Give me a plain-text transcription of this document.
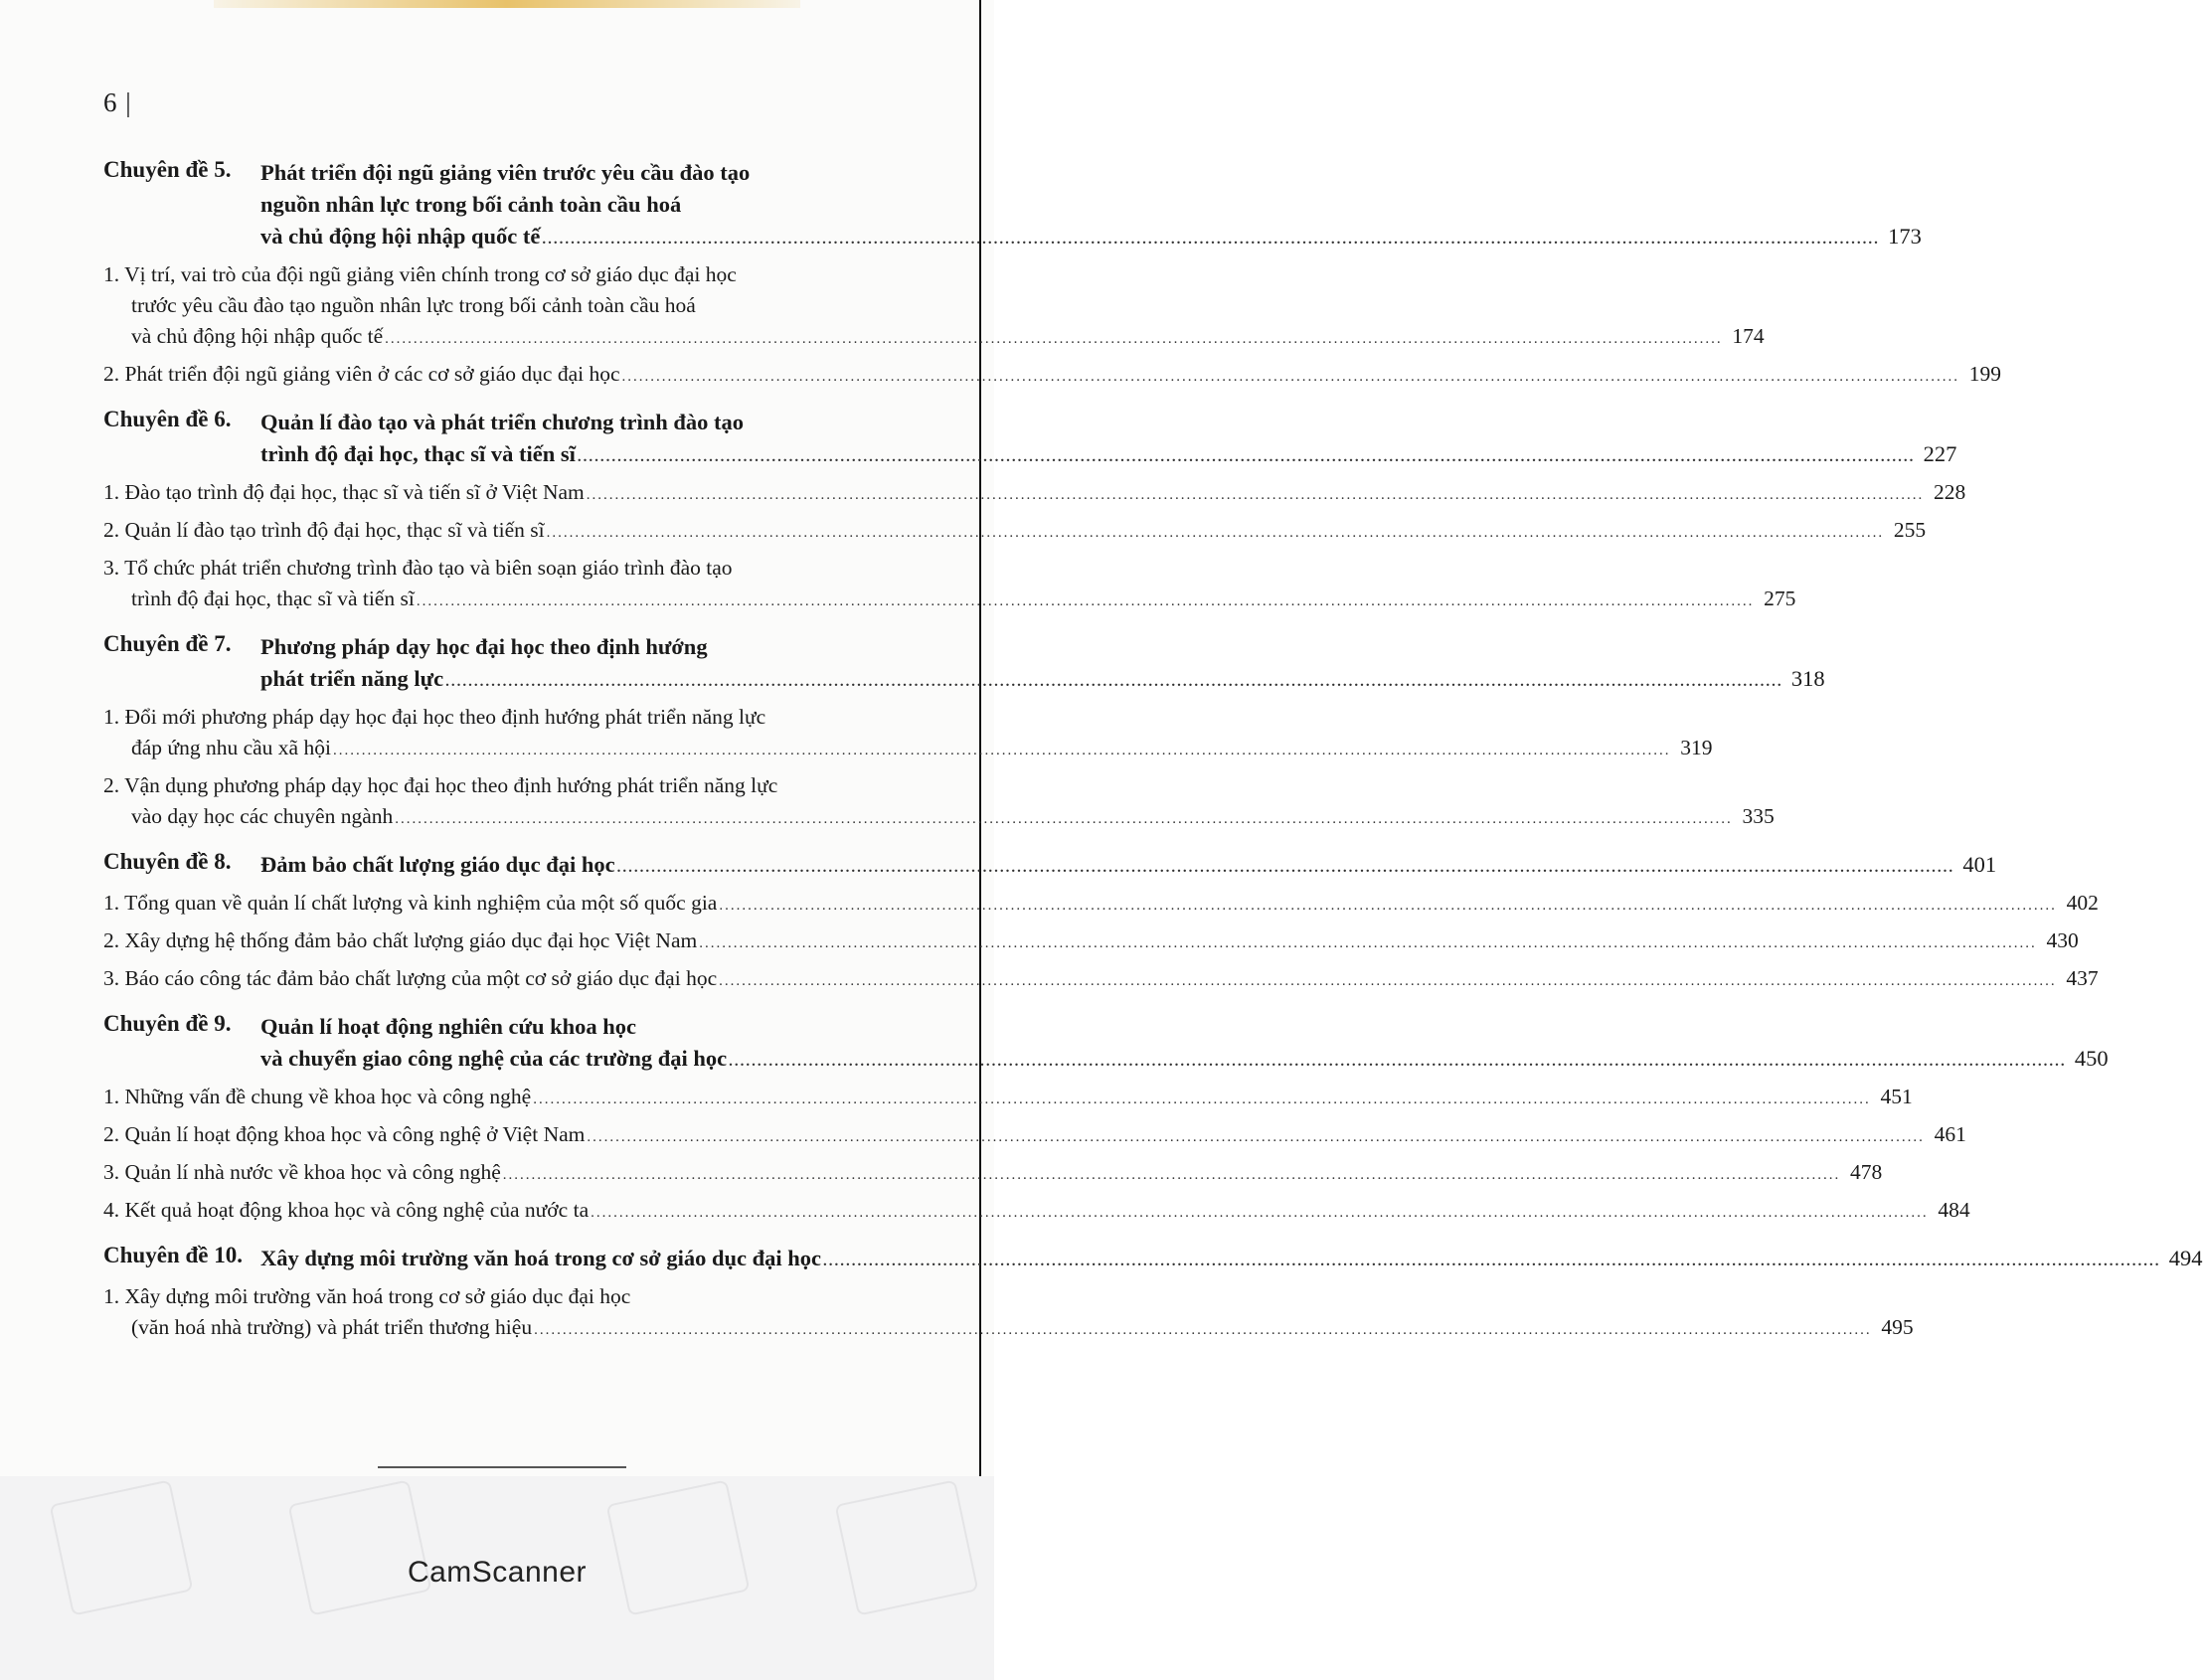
6 |
Chuyên đề 5.	Phát triển đội ngũ giảng viên trước yêu cầu đào tạo
nguồn nhân lực trong bối cảnh toàn cầu hoá
và chủ động hội nhập quốc tế .....	173
1. Vị trí, vai trò của đội ngũ giảng viên chính trong cơ sở giáo dục đại học
trước yêu cầu đào tạo nguồn nhân lực trong bối cảnh toàn cầu hoá
và chủ động hội nhập quốc tế .....	174
2. Phát triển đội ngũ giảng viên ở các cơ sở giáo dục đại học .....	199
Chuyên đề 6.	Quản lí đào tạo và phát triển chương trình đào tạo
trình độ đại học, thạc sĩ và tiến sĩ .....	227
1. Đào tạo trình độ đại học, thạc sĩ và tiến sĩ ở Việt Nam .....	228
2. Quản lí đào tạo trình độ đại học, thạc sĩ và tiến sĩ .....	255
3. Tổ chức phát triển chương trình đào tạo và biên soạn giáo trình đào tạo
trình độ đại học, thạc sĩ và tiến sĩ .....	275
Chuyên đề 7.	Phương pháp dạy học đại học theo định hướng
phát triển năng lực .....	318
1. Đổi mới phương pháp dạy học đại học theo định hướng phát triển năng lực
đáp ứng nhu cầu xã hội .....	319
2. Vận dụng phương pháp dạy học đại học theo định hướng phát triển năng lực
vào dạy học các chuyên ngành .....	335
Chuyên đề 8.	Đảm bảo chất lượng giáo dục đại học .....	401
1. Tổng quan về quản lí chất lượng và kinh nghiệm của một số quốc gia .....	402
2. Xây dựng hệ thống đảm bảo chất lượng giáo dục đại học Việt Nam .....	430
3. Báo cáo công tác đảm bảo chất lượng của một cơ sở giáo dục đại học .....	437
Chuyên đề 9.	Quản lí hoạt động nghiên cứu khoa học
và chuyển giao công nghệ của các trường đại học .....	450
1. Những vấn đề chung về khoa học và công nghệ .....	451
2. Quản lí hoạt động khoa học và công nghệ ở Việt Nam .....	461
3. Quản lí nhà nước về khoa học và công nghệ .....	478
4. Kết quả hoạt động khoa học và công nghệ của nước ta .....	484
Chuyên đề 10. Xây dựng môi trường văn hoá trong cơ sở giáo dục đại học .....	494
1. Xây dựng môi trường văn hoá trong cơ sở giáo dục đại học
(văn hoá nhà trường) và phát triển thương hiệu .....	495
CamScanner
